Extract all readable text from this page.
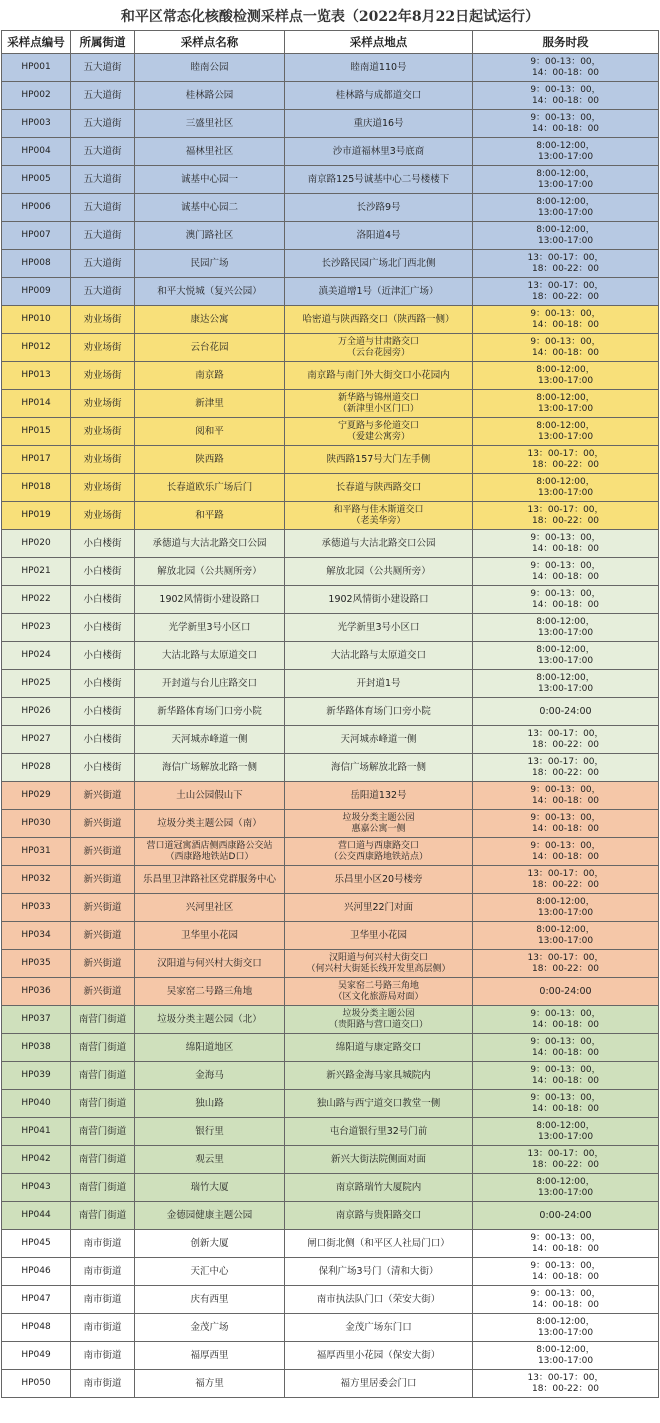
和平区常态化核酸检测采样点一览表（2022年8月22日起试运行）
采样点编号	所属街道	采样点名称	采样点地点	服务时段
HP001	五大道街	睦南公园	睦南道110号	9：00-13：00，
14：00-18：00

HP002	五大道街	桂林路公园	桂林路与成都道交口	9：00-13：00，
14：00-18：00

HP003	五大道街	三盛里社区	重庆道16号	9：00-13：00，
14：00-18：00

HP004	五大道街	福林里社区	沙市道福林里3号底商	8:00-12:00，
13:00-17:00

HP005	五大道街	诚基中心园一	南京路125号诚基中心二号楼楼下	8:00-12:00，
13:00-17:00

HP006	五大道街	诚基中心园二	长沙路9号	8:00-12:00，
13:00-17:00

HP007	五大道街	澳门路社区	洛阳道4号	8:00-12:00，
13:00-17:00

HP008	五大道街	民园广场	长沙路民园广场北门西北侧	13：00-17：00，
18：00-22：00

HP009	五大道街	和平大悦城（复兴公园）	滇美道增1号（近津汇广场）	13：00-17：00，
18：00-22：00

HP010	劝业场街	康达公寓	哈密道与陕西路交口（陕西路一侧）	9：00-13：00，
14：00-18：00

HP012	劝业场街	云台花园	万全道与甘肃路交口
（云台花园旁）	9：00-13：00，
14：00-18：00

HP013	劝业场街	南京路	南京路与南门外大街交口小花园内	8:00-12:00，
13:00-17:00

HP014	劝业场街	新津里	新华路与锦州道交口
（新津里小区门口）	8:00-12:00，
13:00-17:00

HP015	劝业场街	阅和平	宁夏路与多伦道交口
（爱建公寓旁）	8:00-12:00，
13:00-17:00

HP017	劝业场街	陕西路	陕西路157号大门左手侧	13：00-17：00，
18：00-22：00

HP018	劝业场街	长春道欧乐广场后门	长春道与陕西路交口	8:00-12:00，
13:00-17:00

HP019	劝业场街	和平路	和平路与佳木斯道交口
（老美华旁）	13：00-17：00，
18：00-22：00

HP020	小白楼街	承德道与大沽北路交口公园	承德道与大沽北路交口公园	9：00-13：00，
14：00-18：00

HP021	小白楼街	解放北园（公共厕所旁）	解放北园（公共厕所旁）	9：00-13：00，
14：00-18：00

HP022	小白楼街	1902风情街小建设路口	1902风情街小建设路口	9：00-13：00，
14：00-18：00

HP023	小白楼街	光学新里3号小区口	光学新里3号小区口	8:00-12:00，
13:00-17:00

HP024	小白楼街	大沽北路与太原道交口	大沽北路与太原道交口	8:00-12:00，
13:00-17:00

HP025	小白楼街	开封道与台儿庄路交口	开封道1号	8:00-12:00，
13:00-17:00

HP026	小白楼街	新华路体育场门口旁小院	新华路体育场门口旁小院	0:00-24:00

HP027	小白楼街	天河城赤峰道一侧	天河城赤峰道一侧	13：00-17：00，
18：00-22：00

HP028	小白楼街	海信广场解放北路一侧	海信广场解放北路一侧	13：00-17：00，
18：00-22：00

HP029	新兴街道	土山公园假山下	岳阳道132号	9：00-13：00，
14：00-18：00

HP030	新兴街道	垃圾分类主题公园（南）	垃圾分类主题公园
惠嘉公寓一侧	9：00-13：00，
14：00-18：00

HP031	新兴街道	营口道冠寓酒店侧西康路公交站
（西康路地铁站D口）	营口道与西康路交口
（公交西康路地铁站点）	9：00-13：00，
14：00-18：00

HP032	新兴街道	乐昌里卫津路社区党群服务中心	乐昌里小区20号楼旁	13：00-17：00，
18：00-22：00

HP033	新兴街道	兴河里社区	兴河里22门对面	8:00-12:00，
13:00-17:00

HP034	新兴街道	卫华里小花园	卫华里小花园	8:00-12:00，
13:00-17:00

HP035	新兴街道	汉阳道与何兴村大街交口	汉阳道与何兴村大街交口
（何兴村大街延长线开发里高层侧）	13：00-17：00，
18：00-22：00

HP036	新兴街道	吴家窑二号路三角地	吴家窑二号路三角地
（区文化旅游局对面）	0:00-24:00

HP037	南营门街道	垃圾分类主题公园（北）	垃圾分类主题公园
（贵阳路与营口道交口）	9：00-13：00，
14：00-18：00

HP038	南营门街道	绵阳道地区	绵阳道与康定路交口	9：00-13：00，
14：00-18：00

HP039	南营门街道	金海马	新兴路金海马家具城院内	9：00-13：00，
14：00-18：00

HP040	南营门街道	独山路	独山路与西宁道交口教堂一侧	9：00-13：00，
14：00-18：00

HP041	南营门街道	银行里	屯台道银行里32号门前	8:00-12:00，
13:00-17:00

HP042	南营门街道	观云里	新兴大街法院侧面对面	13：00-17：00，
18：00-22：00

HP043	南营门街道	瑞竹大厦	南京路瑞竹大厦院内	8:00-12:00，
13:00-17:00

HP044	南营门街道	金德园健康主题公园	南京路与贵阳路交口	0:00-24:00

HP045	南市街道	创新大厦	闸口街北侧（和平区人社局门口）	9：00-13：00，
14：00-18：00

HP046	南市街道	天汇中心	保利广场3号门（清和大街）	9：00-13：00，
14：00-18：00

HP047	南市街道	庆有西里	南市执法队门口（荣安大街）	9：00-13：00，
14：00-18：00

HP048	南市街道	金茂广场	金茂广场东门口	8:00-12:00，
13:00-17:00

HP049	南市街道	福厚西里	福厚西里小花园（保安大街）	8:00-12:00，
13:00-17:00

HP050	南市街道	福方里	福方里居委会门口	13：00-17：00，
18：00-22：00
